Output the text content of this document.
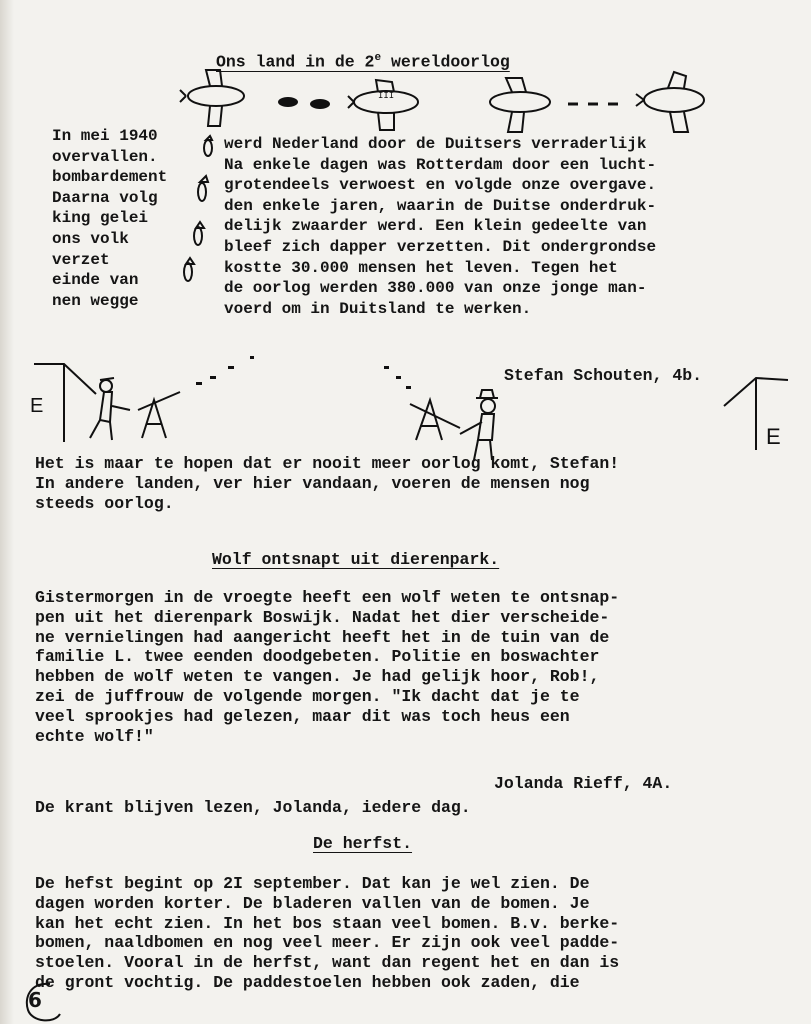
Ons land in de 2e wereldoorlog
III
In mei 1940
overvallen.
bombardement
Daarna volg
king gelei
ons volk
verzet
einde van
nen wegge
werd Nederland door de Duitsers verraderlijk
Na enkele dagen was Rotterdam door een lucht-
grotendeels verwoest en volgde onze overgave.
den enkele jaren, waarin de Duitse onderdruk-
delijk zwaarder werd. Een klein gedeelte van
bleef zich dapper verzetten. Dit ondergrondse
kostte 30.000 mensen het leven. Tegen het
de oorlog werden 380.000 van onze jonge man-
voerd om in Duitsland te werken.
Stefan Schouten, 4b.
E
E
Het is maar te hopen dat er nooit meer oorlog komt, Stefan!
In andere landen, ver hier vandaan, voeren de mensen nog
steeds oorlog.
Wolf ontsnapt uit dierenpark.
Gistermorgen in de vroegte heeft een wolf weten te ontsnap-
pen uit het dierenpark Boswijk. Nadat het dier verscheide-
ne vernielingen had aangericht heeft het in de tuin van de
familie L. twee eenden doodgebeten. Politie en boswachter
hebben de wolf weten te vangen. Je had gelijk hoor, Rob!,
zei de juffrouw de volgende morgen. "Ik dacht dat je te
veel sprookjes had gelezen, maar dit was toch heus een
echte wolf!"
Jolanda Rieff, 4A.
De krant blijven lezen, Jolanda, iedere dag.
De herfst.
De hefst begint op 2I september. Dat kan je wel zien. De
dagen worden korter. De bladeren vallen van de bomen. Je
kan het echt zien. In het bos staan veel bomen. B.v. berke-
bomen, naaldbomen en nog veel meer. Er zijn ook veel padde-
stoelen. Vooral in de herfst, want dan regent het en dan is
de gront vochtig. De paddestoelen hebben ook zaden, die
6
